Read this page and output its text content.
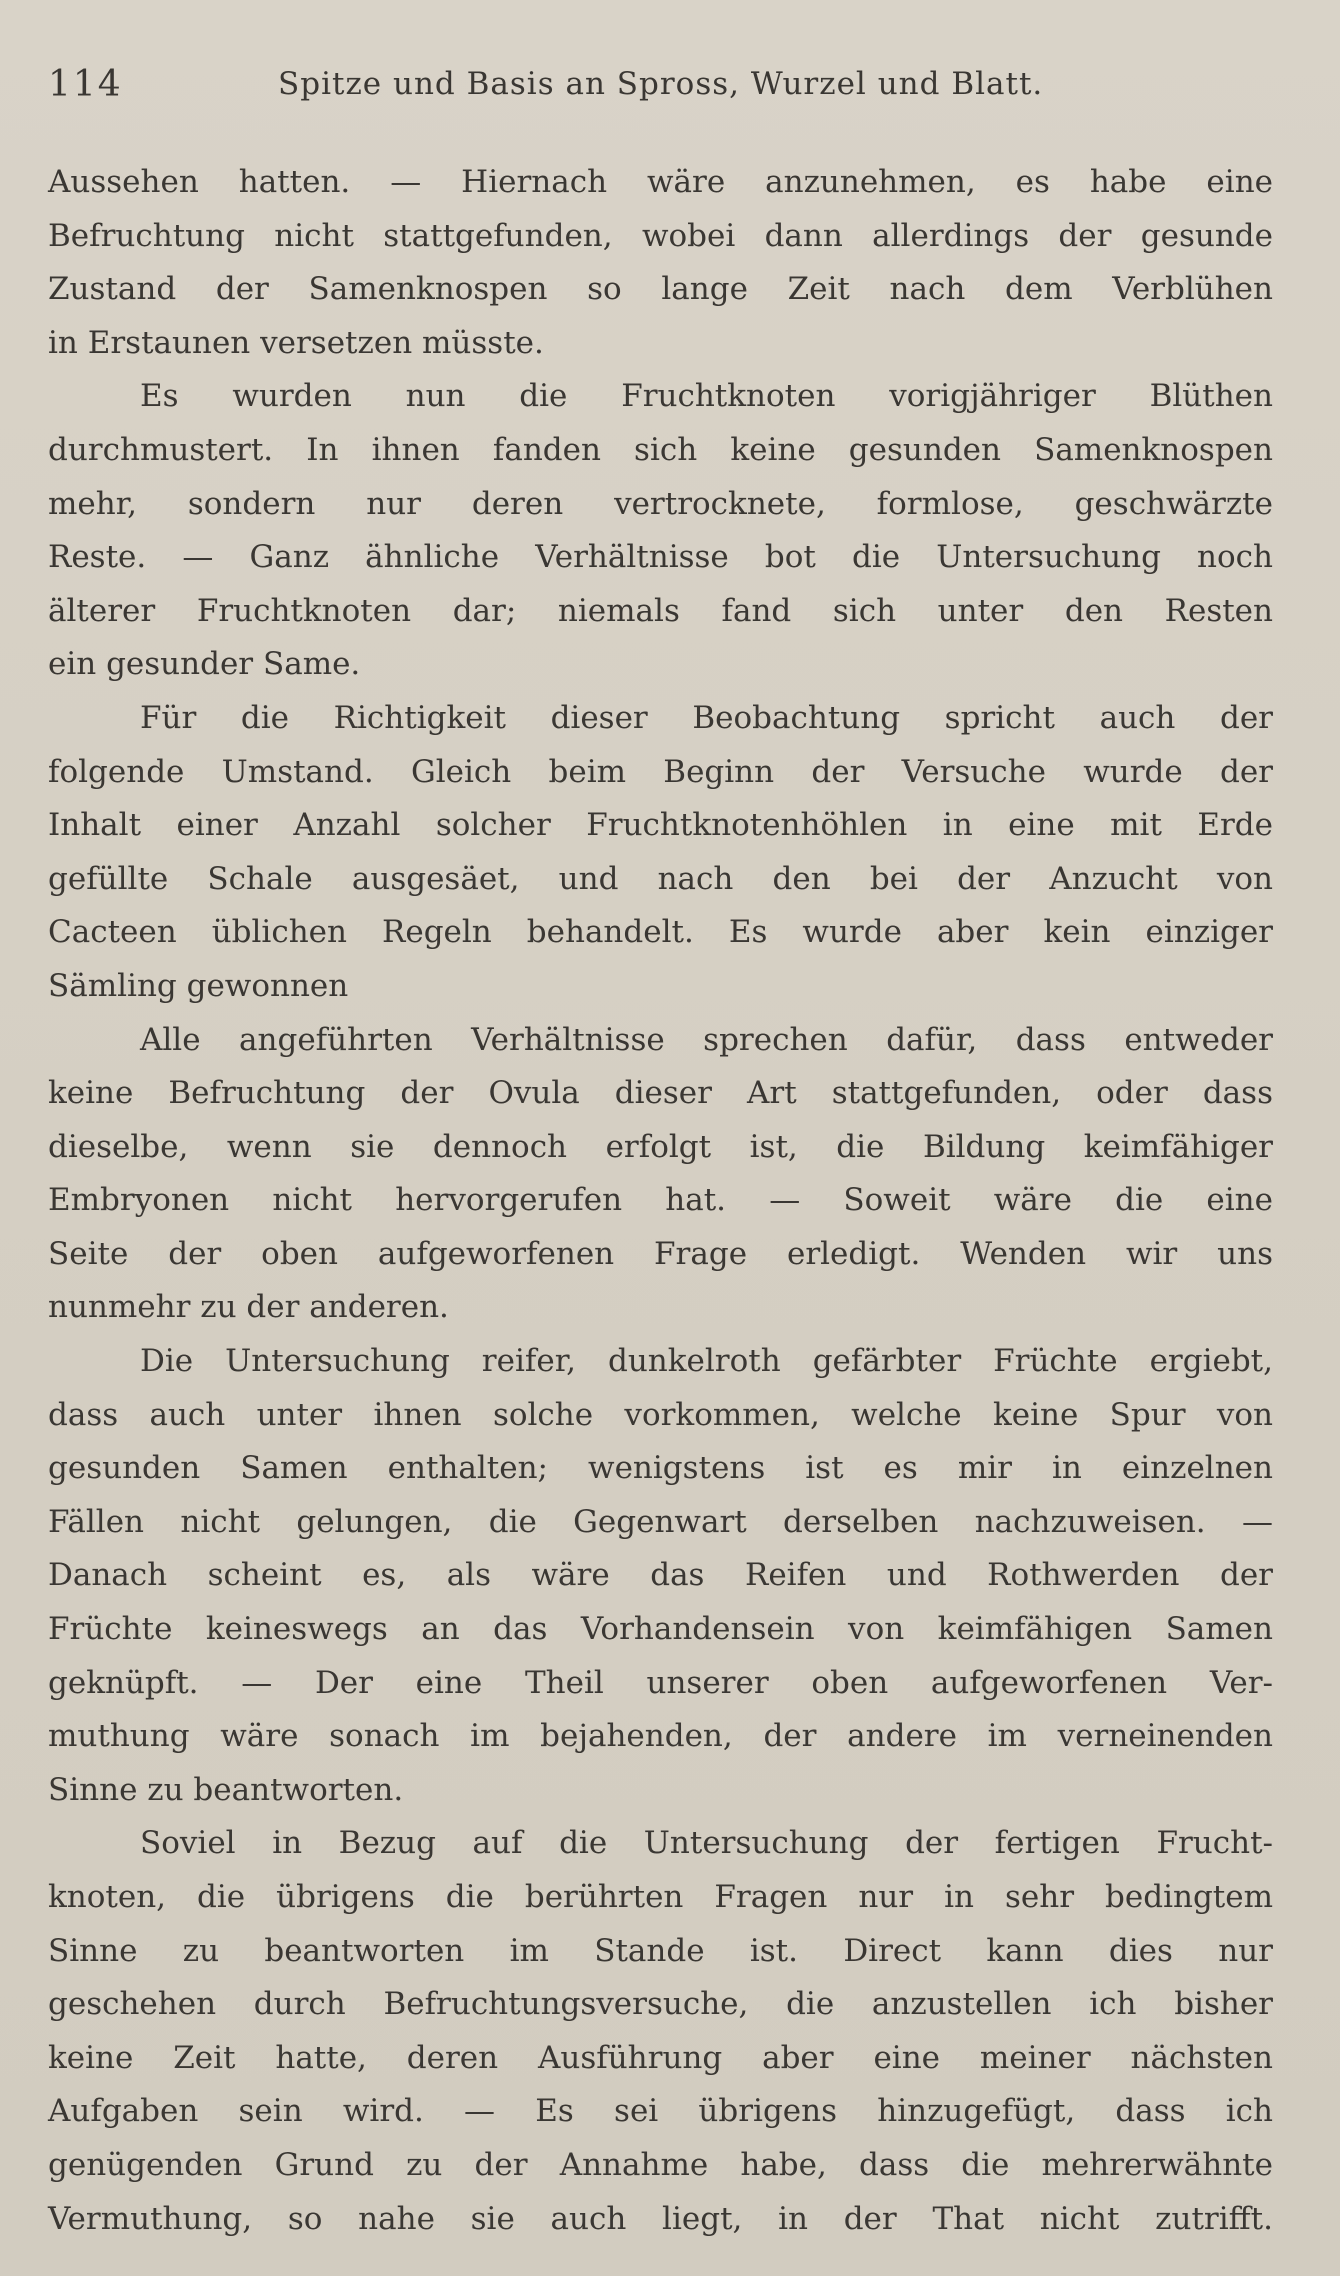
114	Spitze und Basis an Spross, Wurzel und Blatt.

Aussehen hatten. — Hiernach wäre anzunehmen, es habe eine
Befruchtung nicht stattgefunden, wobei dann allerdings der gesunde
Zustand der Samenknospen so lange Zeit nach dem Verblühen
in Erstaunen versetzen müsste.

Es wurden nun die Fruchtknoten vorigjähriger Blüthen
durchmustert. In ihnen fanden sich keine gesunden Samenknospen
mehr, sondern nur deren vertrocknete, formlose, geschwärzte
Reste. — Ganz ähnliche Verhältnisse bot die Untersuchung noch
älterer Fruchtknoten dar; niemals fand sich unter den Resten
ein gesunder Same.

Für die Richtigkeit dieser Beobachtung spricht auch der
folgende Umstand. Gleich beim Beginn der Versuche wurde der
Inhalt einer Anzahl solcher Fruchtknotenhöhlen in eine mit Erde
gefüllte Schale ausgesäet, und nach den bei der Anzucht von
Cacteen üblichen Regeln behandelt. Es wurde aber kein einziger
Sämling gewonnen

Alle angeführten Verhältnisse sprechen dafür, dass entweder
keine Befruchtung der Ovula dieser Art stattgefunden, oder dass
dieselbe, wenn sie dennoch erfolgt ist, die Bildung keimfähiger
Embryonen nicht hervorgerufen hat. — Soweit wäre die eine
Seite der oben aufgeworfenen Frage erledigt. Wenden wir uns
nunmehr zu der anderen.

Die Untersuchung reifer, dunkelroth gefärbter Früchte ergiebt,
dass auch unter ihnen solche vorkommen, welche keine Spur von
gesunden Samen enthalten; wenigstens ist es mir in einzelnen
Fällen nicht gelungen, die Gegenwart derselben nachzuweisen. —
Danach scheint es, als wäre das Reifen und Rothwerden der
Früchte keineswegs an das Vorhandensein von keimfähigen Samen
geknüpft. — Der eine Theil unserer oben aufgeworfenen Ver-
muthung wäre sonach im bejahenden, der andere im verneinenden
Sinne zu beantworten.

Soviel in Bezug auf die Untersuchung der fertigen Frucht-
knoten, die übrigens die berührten Fragen nur in sehr bedingtem
Sinne zu beantworten im Stande ist. Direct kann dies nur
geschehen durch Befruchtungsversuche, die anzustellen ich bisher
keine Zeit hatte, deren Ausführung aber eine meiner nächsten
Aufgaben sein wird. — Es sei übrigens hinzugefügt, dass ich
genügenden Grund zu der Annahme habe, dass die mehrerwähnte
Vermuthung, so nahe sie auch liegt, in der That nicht zutrifft.
